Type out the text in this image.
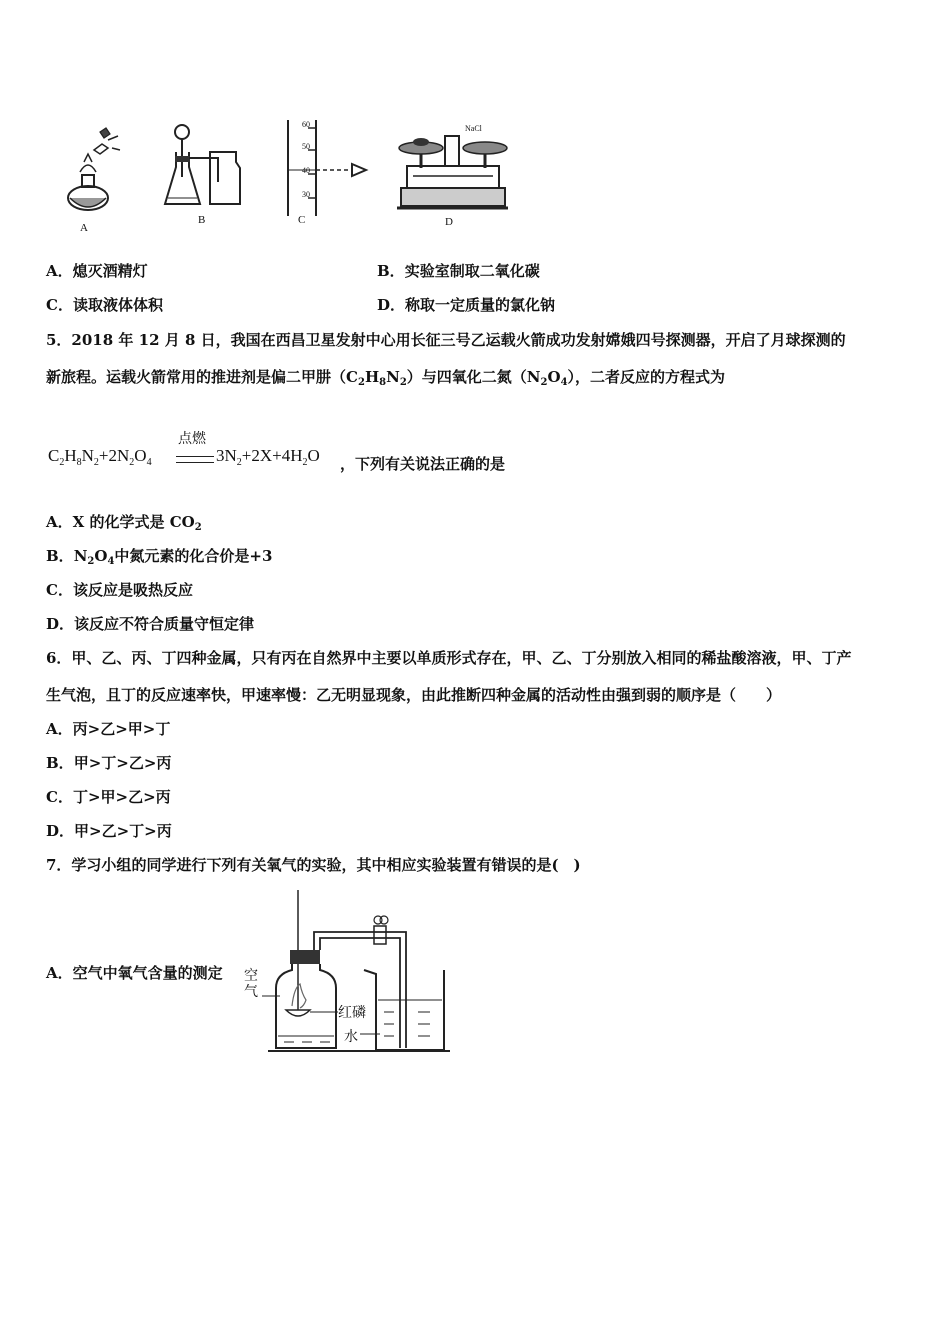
A
B
60
50
40
30
C
NaCl
D
A．熄灭酒精灯	B．实验室制取二氧化碳
C．读取液体体积	D．称取一定质量的氯化钠
5．2018 年 12 月 8 日，我国在西昌卫星发射中心用长征三号乙运载火箭成功发射嫦娥四号探测器，开启了月球探测的
新旅程。运载火箭常用的推进剂是偏二甲肼$(C_2H_8N_2)$与四氧化二氮$(N_2O_4)$，二者反应的方程式为
$C_2H_8N_2+2N_2O_4$
点燃
$3N_2+2X+4H_2O$ ，下列有关说法正确的是
A．X 的化学式是 $CO_2$
B．$N_2O_4$中氮元素的化合价是+3
C．该反应是吸热反应
D．该反应不符合质量守恒定律
6．甲、乙、丙、丁四种金属，只有丙在自然界中主要以单质形式存在，甲、乙、丁分别放入相同的稀盐酸溶液，甲、丁产
生气泡，且丁的反应速率快，甲速率慢：乙无明显现象，由此推断四种金属的活动性由强到弱的顺序是（　　）
A．丙>乙>甲>丁
B．甲>丁>乙>丙
C．丁>甲>乙>丙
D．甲>乙>丁>丙
7．学习小组的同学进行下列有关氧气的实验，其中相应实验装置有错误的是(　)
A．空气中氧气含量的测定 空气
红磷
水
